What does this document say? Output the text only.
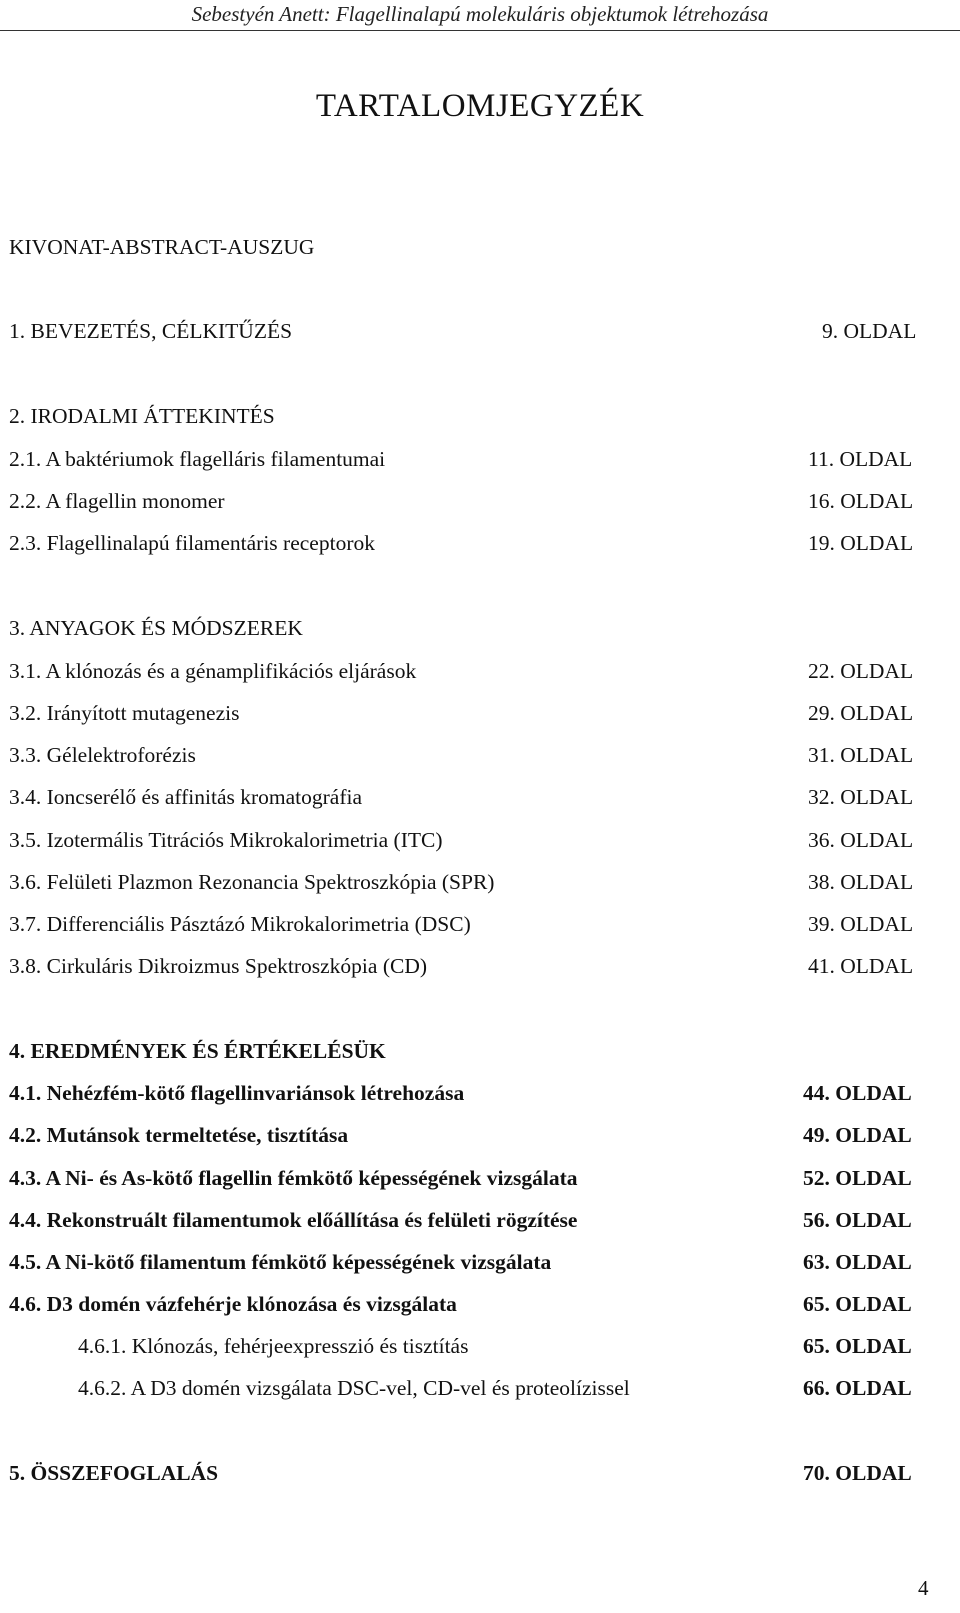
Sebestyén Anett: Flagellinalapú molekuláris objektumok létrehozása
TARTALOMJEGYZÉK
KIVONAT-ABSTRACT-AUSZUG
1. BEVEZETÉS, CÉLKITŰZÉS	9. OLDAL
2. IRODALMI ÁTTEKINTÉS
2.1. A baktériumok flagelláris filamentumai	11. OLDAL
2.2. A flagellin monomer	16. OLDAL
2.3. Flagellinalapú filamentáris receptorok	19. OLDAL
3. ANYAGOK ÉS MÓDSZEREK
3.1. A klónozás és a génamplifikációs eljárások	22. OLDAL
3.2. Irányított mutagenezis	29. OLDAL
3.3. Gélelektroforézis	31. OLDAL
3.4. Ioncserélő és affinitás kromatográfia	32. OLDAL
3.5. Izotermális Titrációs Mikrokalorimetria (ITC)	36. OLDAL
3.6. Felületi Plazmon Rezonancia Spektroszkópia (SPR)	38. OLDAL
3.7. Differenciális Pásztázó Mikrokalorimetria (DSC)	39. OLDAL
3.8. Cirkuláris Dikroizmus Spektroszkópia (CD)	41. OLDAL
4. EREDMÉNYEK ÉS ÉRTÉKELÉSÜK
4.1. Nehézfém-kötő flagellinvariánsok létrehozása	44. OLDAL
4.2. Mutánsok termeltetése, tisztítása	49. OLDAL
4.3. A Ni- és As-kötő flagellin fémkötő képességének vizsgálata	52. OLDAL
4.4. Rekonstruált filamentumok előállítása és felületi rögzítése	56. OLDAL
4.5. A Ni-kötő filamentum fémkötő képességének vizsgálata	63. OLDAL
4.6. D3 domén vázfehérje klónozása és vizsgálata	65. OLDAL
4.6.1. Klónozás, fehérjeexpresszió és tisztítás	65. OLDAL
4.6.2. A D3 domén vizsgálata DSC-vel, CD-vel és proteolízissel	66. OLDAL
5. ÖSSZEFOGLALÁS	70. OLDAL
4
